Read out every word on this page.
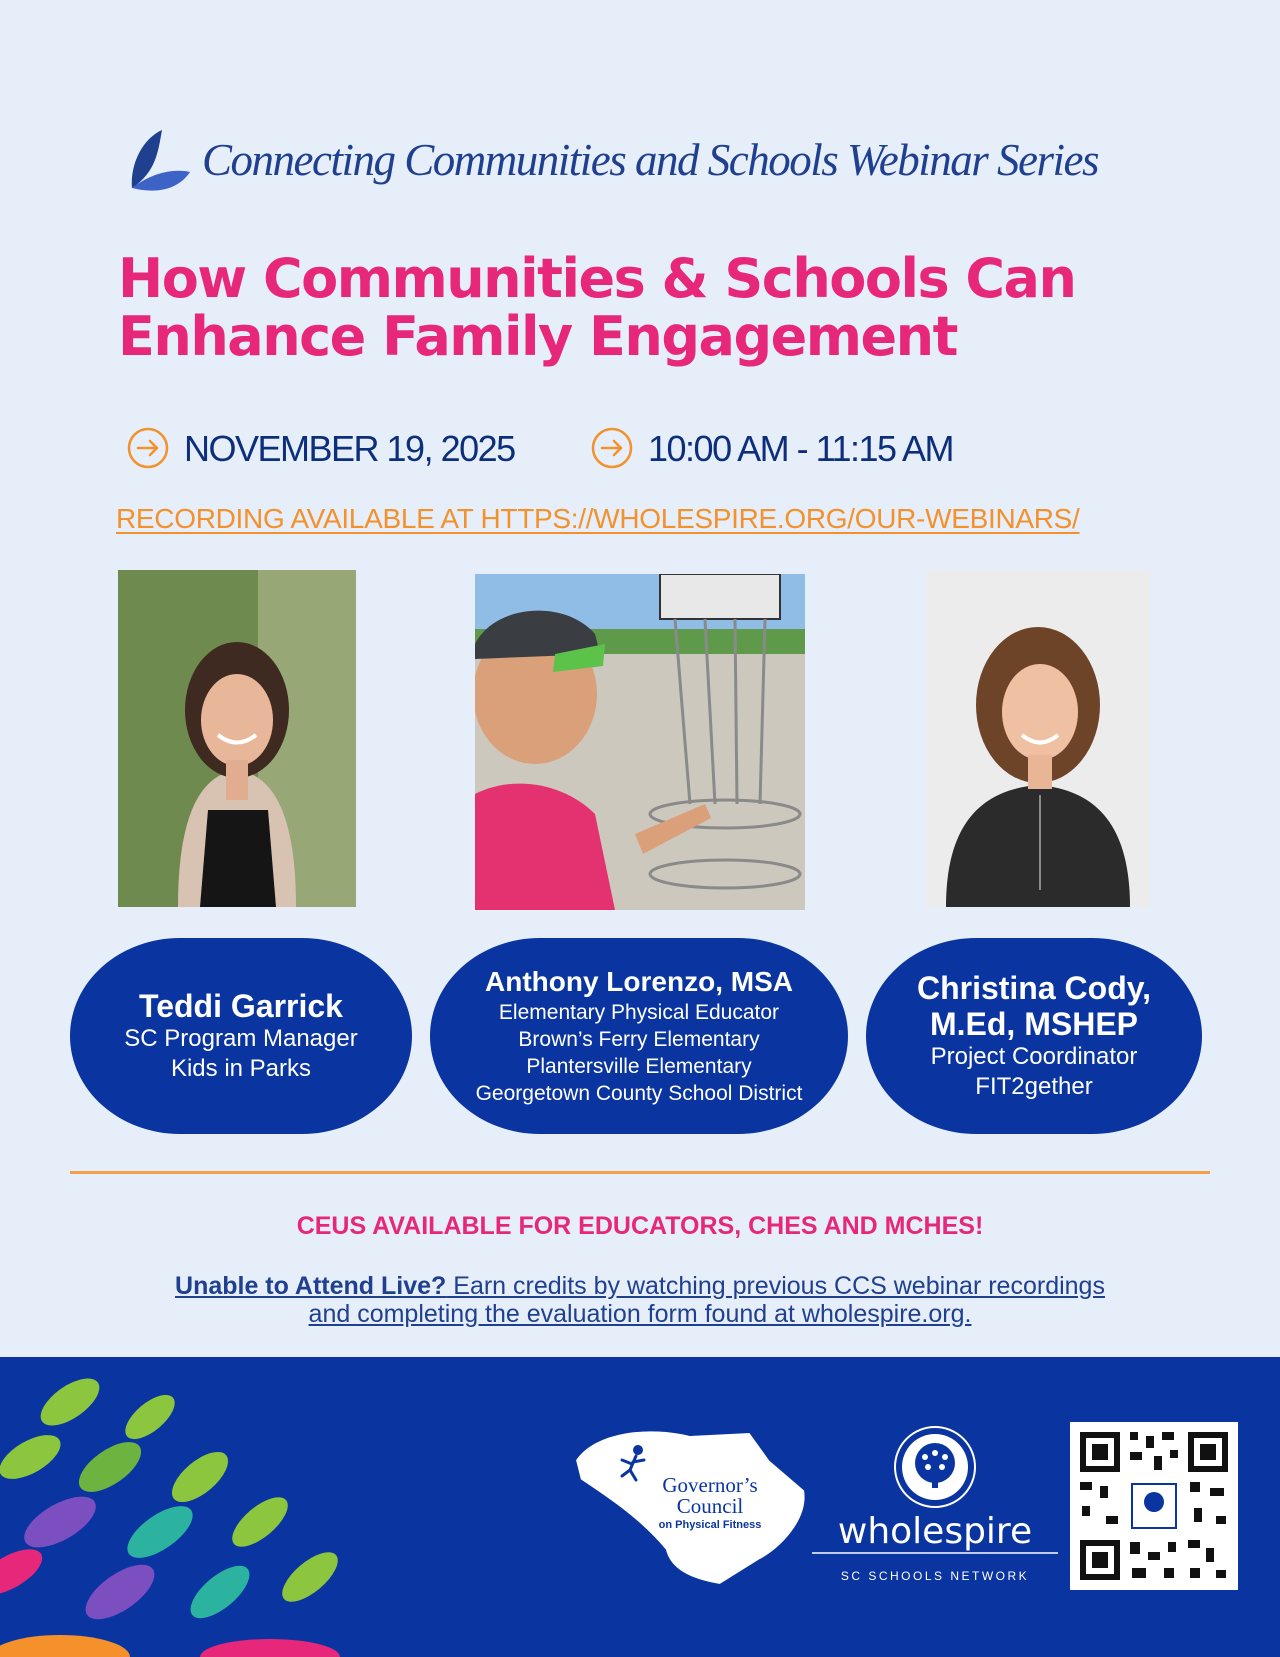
Connecting Communities and Schools Webinar Series
How Communities & Schools Can Enhance Family Engagement
NOVEMBER 19, 2025	10:00 AM - 11:15 AM
RECORDING AVAILABLE AT HTTPS://WHOLESPIRE.ORG/OUR-WEBINARS/
Teddi Garrick
SC Program Manager
Kids in Parks
Anthony Lorenzo, MSA
Elementary Physical Educator
Brown’s Ferry Elementary
Plantersville Elementary
Georgetown County School District
Christina Cody,
M.Ed, MSHEP
Project Coordinator
FIT2gether
CEUS AVAILABLE FOR EDUCATORS, CHES AND MCHES!
Unable to Attend Live? Earn credits by watching previous CCS webinar recordings
and completing the evaluation form found at wholespire.org.
Governor’s
Council
on Physical Fitness wholespire
SC SCHOOLS NETWORK
